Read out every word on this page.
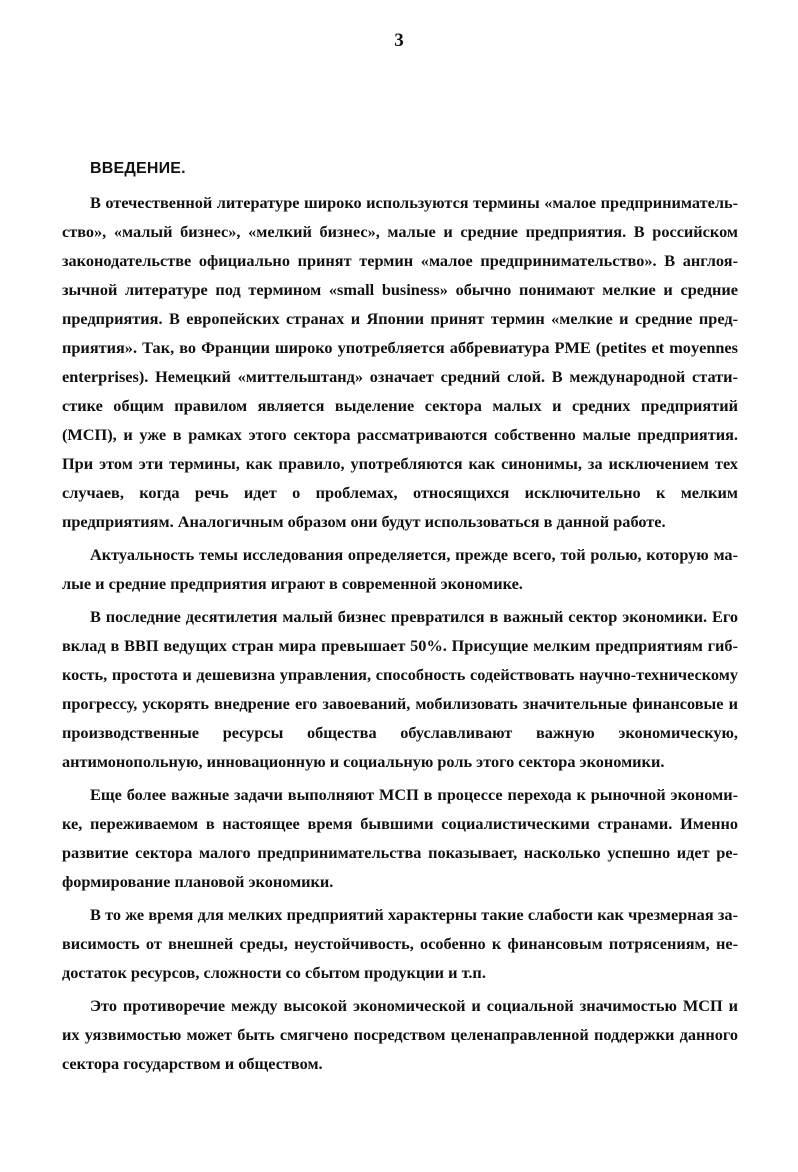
3
ВВЕДЕНИЕ.

В отечественной литературе широко используются термины «малое предпринимательство», «малый бизнес», «мелкий бизнес», малые и средние предприятия. В российском законодательстве официально принят термин «малое предпринимательство». В англоязычной литературе под термином «small business» обычно понимают мелкие и средние предприятия. В европейских странах и Японии принят термин «мелкие и средние предприятия». Так, во Франции широко употребляется аббревиатура PME (petites et moyennes enterprises). Немецкий «миттельштанд» означает средний слой. В международной статистике общим правилом является выделение сектора малых и средних предприятий (МСП), и уже в рамках этого сектора рассматриваются собственно малые предприятия. При этом эти термины, как правило, употребляются как синонимы, за исключением тех случаев, когда речь идет о проблемах, относящихся исключительно к мелким предприятиям. Аналогичным образом они будут использоваться в данной работе.

Актуальность темы исследования определяется, прежде всего, той ролью, которую малые и средние предприятия играют в современной экономике.

В последние десятилетия малый бизнес превратился в важный сектор экономики. Его вклад в ВВП ведущих стран мира превышает 50%. Присущие мелким предприятиям гибкость, простота и дешевизна управления, способность содействовать научно-техническому прогрессу, ускорять внедрение его завоеваний, мобилизовать значительные финансовые и производственные ресурсы общества обуславливают важную экономическую, антимонопольную, инновационную и социальную роль этого сектора экономики.

Еще более важные задачи выполняют МСП в процессе перехода к рыночной экономике, переживаемом в настоящее время бывшими социалистическими странами. Именно развитие сектора малого предпринимательства показывает, насколько успешно идет реформирование плановой экономики.

В то же время для мелких предприятий характерны такие слабости как чрезмерная зависимость от внешней среды, неустойчивость, особенно к финансовым потрясениям, недостаток ресурсов, сложности со сбытом продукции и т.п.

Это противоречие между высокой экономической и социальной значимостью МСП и их уязвимостью может быть смягчено посредством целенаправленной поддержки данного сектора государством и обществом.
